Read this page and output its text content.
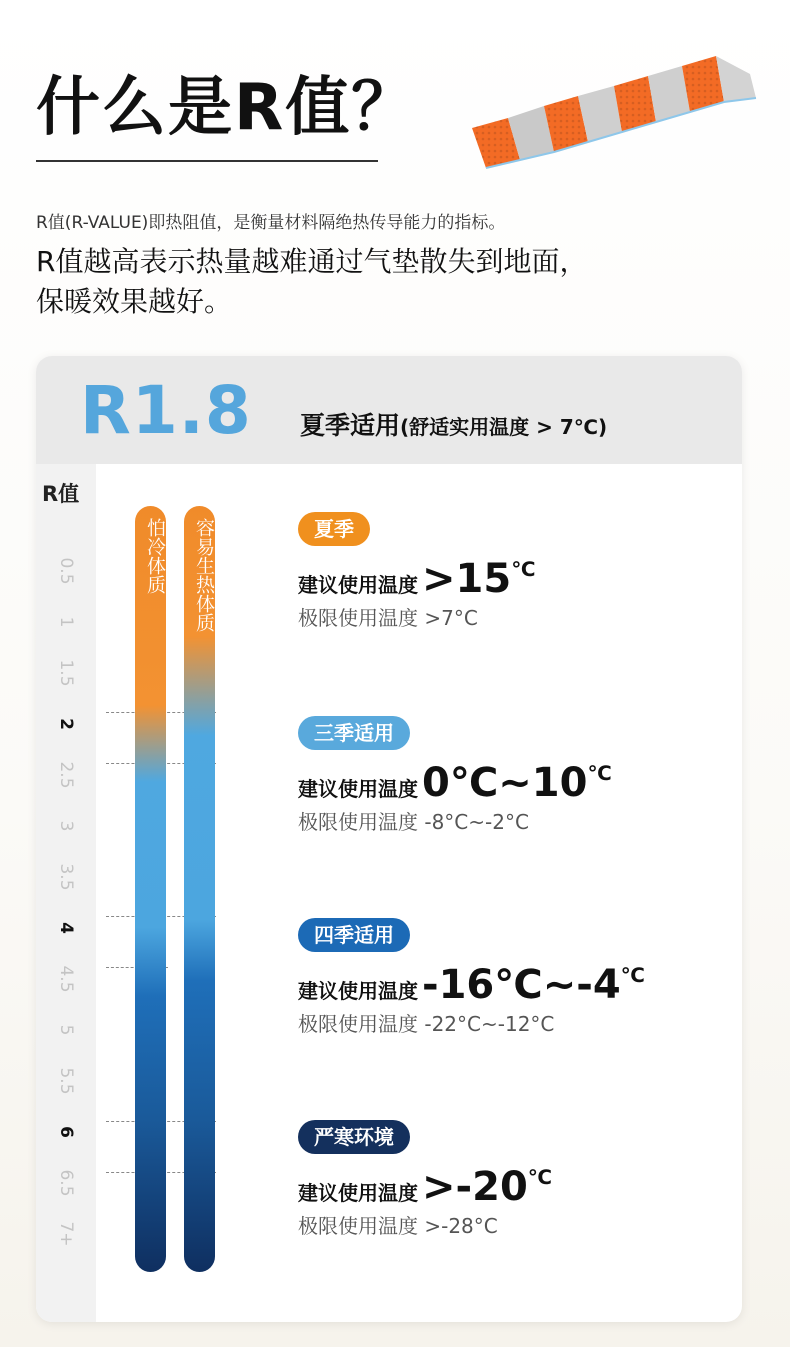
什么是R值？
R值(R-VALUE)即热阻值，是衡量材料隔绝热传导能力的指标。
R值越高表示热量越难通过气垫散失到地面，保暖效果越好。
R1.8 夏季适用(舒适实用温度 > 7℃)
R值
0.5
1
1.5
2
2.5
3
3.5
4
4.5
5
5.5
6
6.5
7+
怕冷体质	容易生热体质	夏季
建议使用温度 >15℃
极限使用温度 >7°C
三季适用
建议使用温度 0℃~10℃
极限使用温度 -8°C~-2°C
四季适用
建议使用温度 -16℃~-4℃
极限使用温度 -22°C~-12°C
严寒环境
建议使用温度 >-20℃
极限使用温度 >-28°C
